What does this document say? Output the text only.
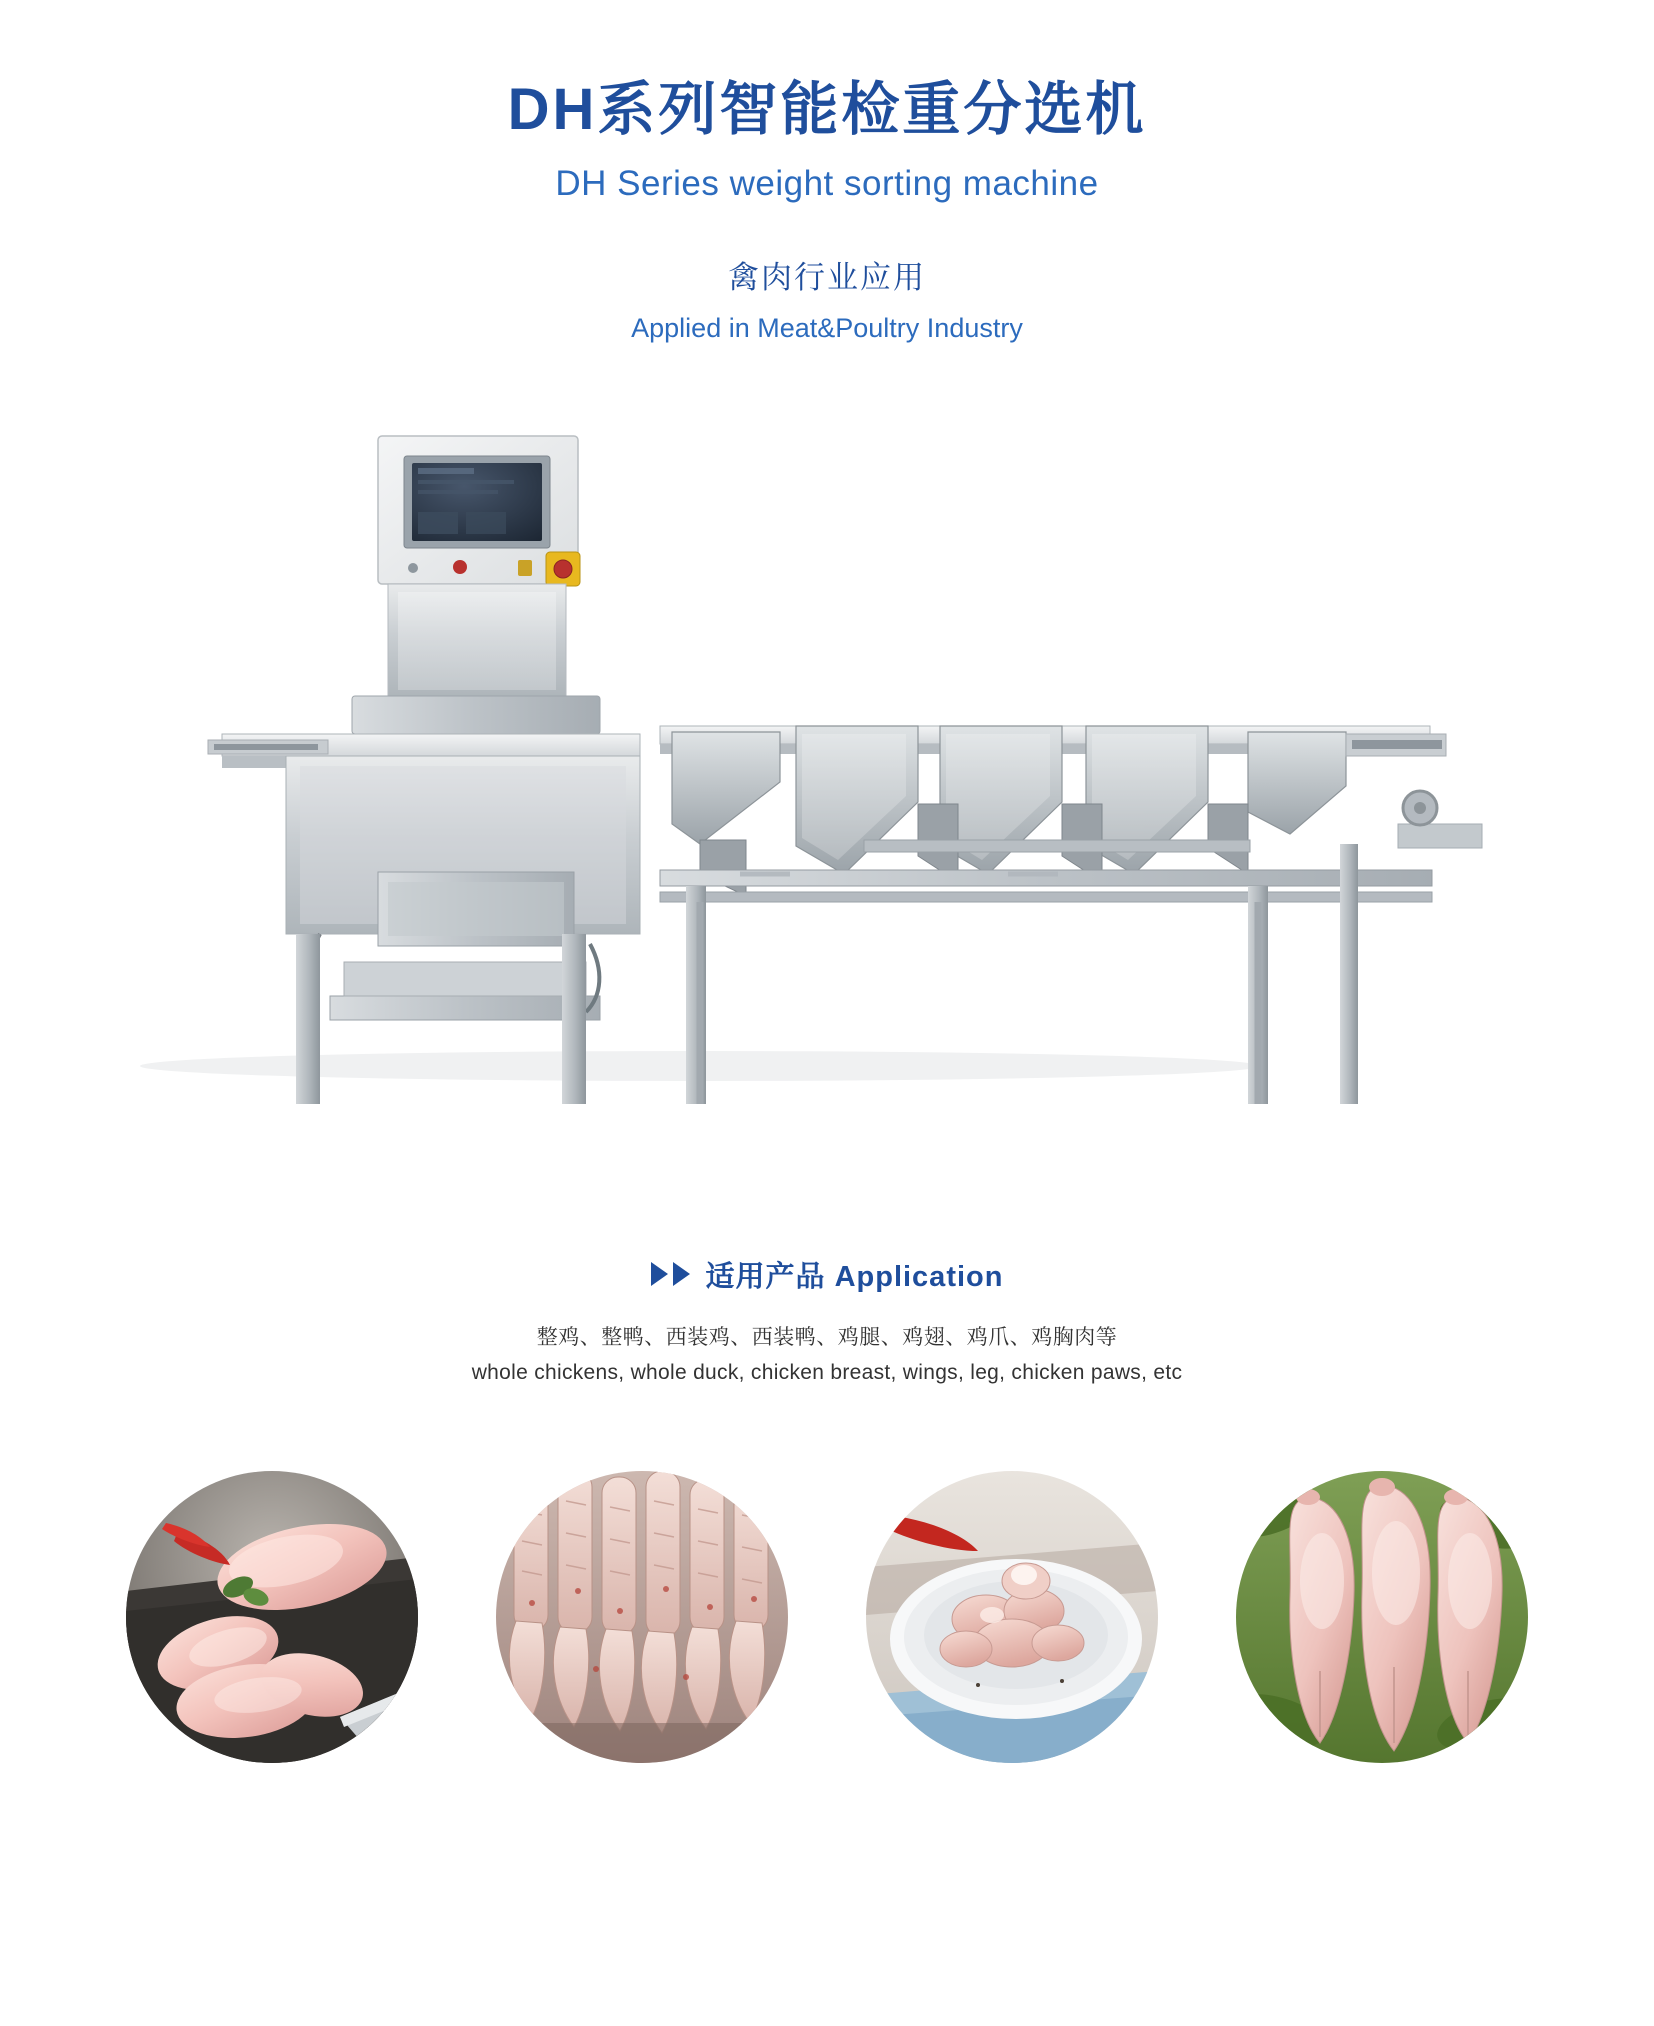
DH系列智能检重分选机
DH Series weight sorting machine
禽肉行业应用
Applied in Meat&Poultry Industry
适用产品 Application
整鸡、整鸭、西装鸡、西装鸭、鸡腿、鸡翅、鸡爪、鸡胸肉等
whole chickens, whole duck, chicken breast, wings, leg, chicken paws, etc
